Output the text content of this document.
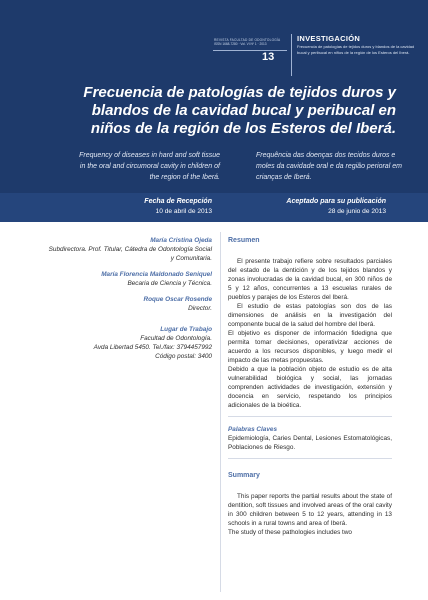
REVISTA FACULTAD DE ODONTOLOGÍA
ISSN 1668-7280 · Vol. VI Nº 1 · 2013
13
INVESTIGACIÓN
Frecuencia de patologías de tejidos duros y blandos de la cavidad bucal y peribucal en niños de la región de los Esteros del Iberá.
Frecuencia de patologías de tejidos duros y blandos de la cavidad bucal y peribucal en niños de la región de los Esteros del Iberá.
Frequency of diseases in hard and soft tissue in the oral and circumoral cavity in children of the region of the Iberá.
Frequência das doenças dos tecidos duros e moles da cavidade oral e da região perioral em crianças de Iberá.
Fecha de Recepción
10 de abril de 2013
Aceptado para su publicación
28 de junio de 2013
María Cristina Ojeda
Subdirectora. Prof. Titular, Cátedra de Odontología Social y Comunitaria.
María Florencia Maldonado Seniquel
Becaria de Ciencia y Técnica.
Roque Oscar Rosende
Director.
Lugar de Trabajo
Facultad de Odontología.
Avda Libertad 5450. Tel./fax: 3794457992
Código postal: 3400
Resumen

El presente trabajo refiere sobre resultados parciales del estado de la dentición y de los tejidos blandos y zonas involucradas de la cavidad bucal, en 300 niños de 5 y 12 años, concurrentes a 13 escuelas rurales de pueblos y parajes de los Esteros del Iberá.

El estudio de estas patologías son dos de las dimensiones de análisis en la investigación del componente bucal de la salud del hombre del Iberá.

El objetivo es disponer de información fidedigna que permita tomar decisiones, operativizar acciones de acuerdo a los recursos disponibles, y luego medir el impacto de las metas propuestas.

Debido a que la población objeto de estudio es de alta vulnerabilidad biológica y social, las jornadas comprenden actividades de investigación, extensión y docencia en servicio, respetando los principios adicionales de la bioética.

Palabras Claves

Epidemiología, Caries Dental, Lesiones Estomatológicas, Poblaciones de Riesgo.

Summary

This paper reports the partial results about the state of dentition, soft tissues and involved areas of the oral cavity in 300 children between 5 to 12 years, attending in 13 schools in a rural towns and area of Iberá.

The study of these pathologies includes two
